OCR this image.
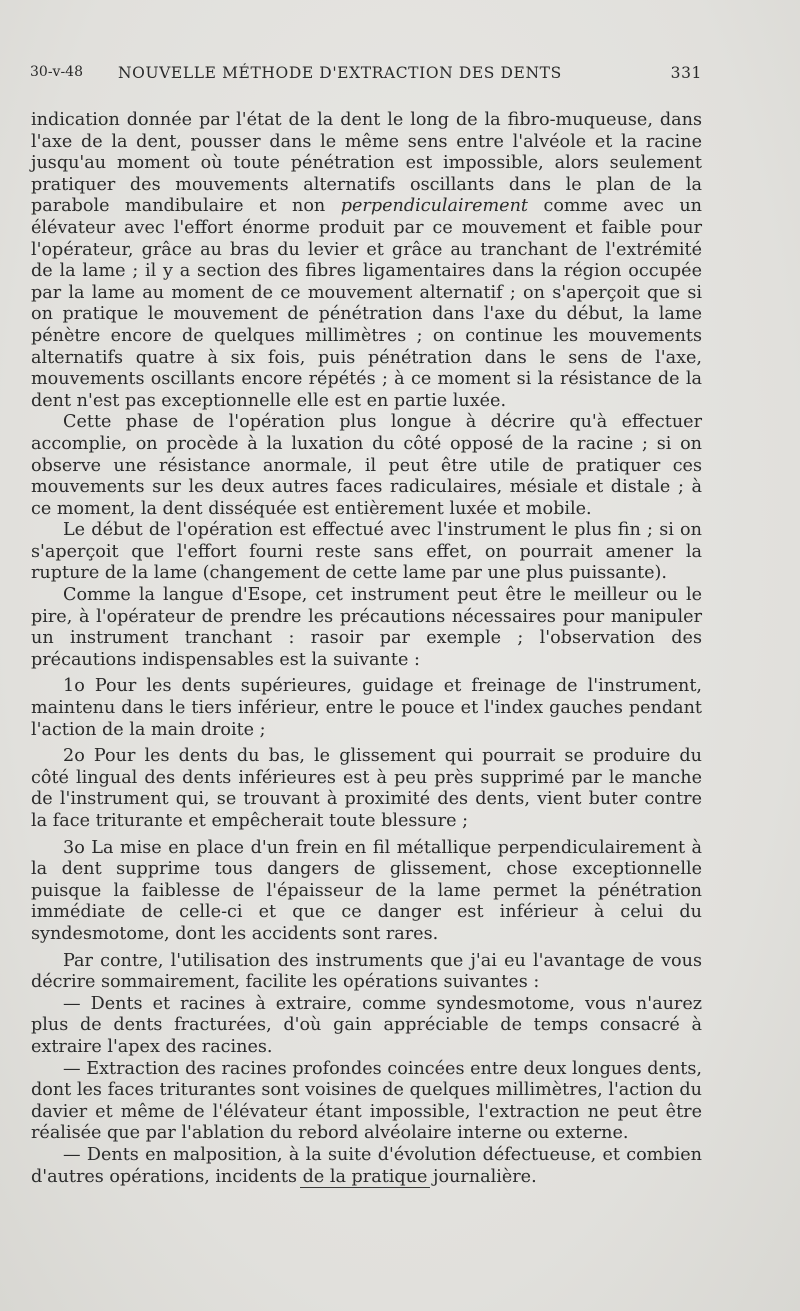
30-v-48 NOUVELLE MÉTHODE D'EXTRACTION DES DENTS	331

indication donnée par l'état de la dent le long de la fibro-muqueuse, dans l'axe de la dent, pousser dans le même sens entre l'alvéole et la racine jusqu'au moment où toute pénétration est impossible, alors seulement pratiquer des mouvements alternatifs oscillants dans le plan de la parabole mandibulaire et non perpendiculairement comme avec un élévateur avec l'effort énorme produit par ce mouvement et faible pour l'opérateur, grâce au bras du levier et grâce au tranchant de l'extrémité de la lame ; il y a section des fibres ligamentaires dans la région occupée par la lame au moment de ce mouvement alternatif ; on s'aperçoit que si on pratique le mouvement de pénétration dans l'axe du début, la lame pénètre encore de quelques millimètres ; on continue les mouvements alternatifs quatre à six fois, puis pénétration dans le sens de l'axe, mouvements oscillants encore répétés ; à ce moment si la résistance de la dent n'est pas exceptionnelle elle est en partie luxée.

Cette phase de l'opération plus longue à décrire qu'à effectuer accomplie, on procède à la luxation du côté opposé de la racine ; si on observe une résistance anormale, il peut être utile de pratiquer ces mouvements sur les deux autres faces radiculaires, mésiale et distale ; à ce moment, la dent disséquée est entièrement luxée et mobile.

Le début de l'opération est effectué avec l'instrument le plus fin ; si on s'aperçoit que l'effort fourni reste sans effet, on pourrait amener la rupture de la lame (changement de cette lame par une plus puissante).

Comme la langue d'Esope, cet instrument peut être le meilleur ou le pire, à l'opérateur de prendre les précautions nécessaires pour manipuler un instrument tranchant : rasoir par exemple ; l'observation des précautions indispensables est la suivante :

1o Pour les dents supérieures, guidage et freinage de l'instrument, maintenu dans le tiers inférieur, entre le pouce et l'index gauches pendant l'action de la main droite ;

2o Pour les dents du bas, le glissement qui pourrait se produire du côté lingual des dents inférieures est à peu près supprimé par le manche de l'instrument qui, se trouvant à proximité des dents, vient buter contre la face triturante et empêcherait toute blessure ;

3o La mise en place d'un frein en fil métallique perpendiculairement à la dent supprime tous dangers de glissement, chose exceptionnelle puisque la faiblesse de l'épaisseur de la lame permet la pénétration immédiate de celle-ci et que ce danger est inférieur à celui du syndesmotome, dont les accidents sont rares.

Par contre, l'utilisation des instruments que j'ai eu l'avantage de vous décrire sommairement, facilite les opérations suivantes :

— Dents et racines à extraire, comme syndesmotome, vous n'aurez plus de dents fracturées, d'où gain appréciable de temps consacré à extraire l'apex des racines.

— Extraction des racines profondes coincées entre deux longues dents, dont les faces triturantes sont voisines de quelques millimètres, l'action du davier et même de l'élévateur étant impossible, l'extraction ne peut être réalisée que par l'ablation du rebord alvéolaire interne ou externe.

— Dents en malposition, à la suite d'évolution défectueuse, et combien d'autres opérations, incidents de la pratique journalière.
